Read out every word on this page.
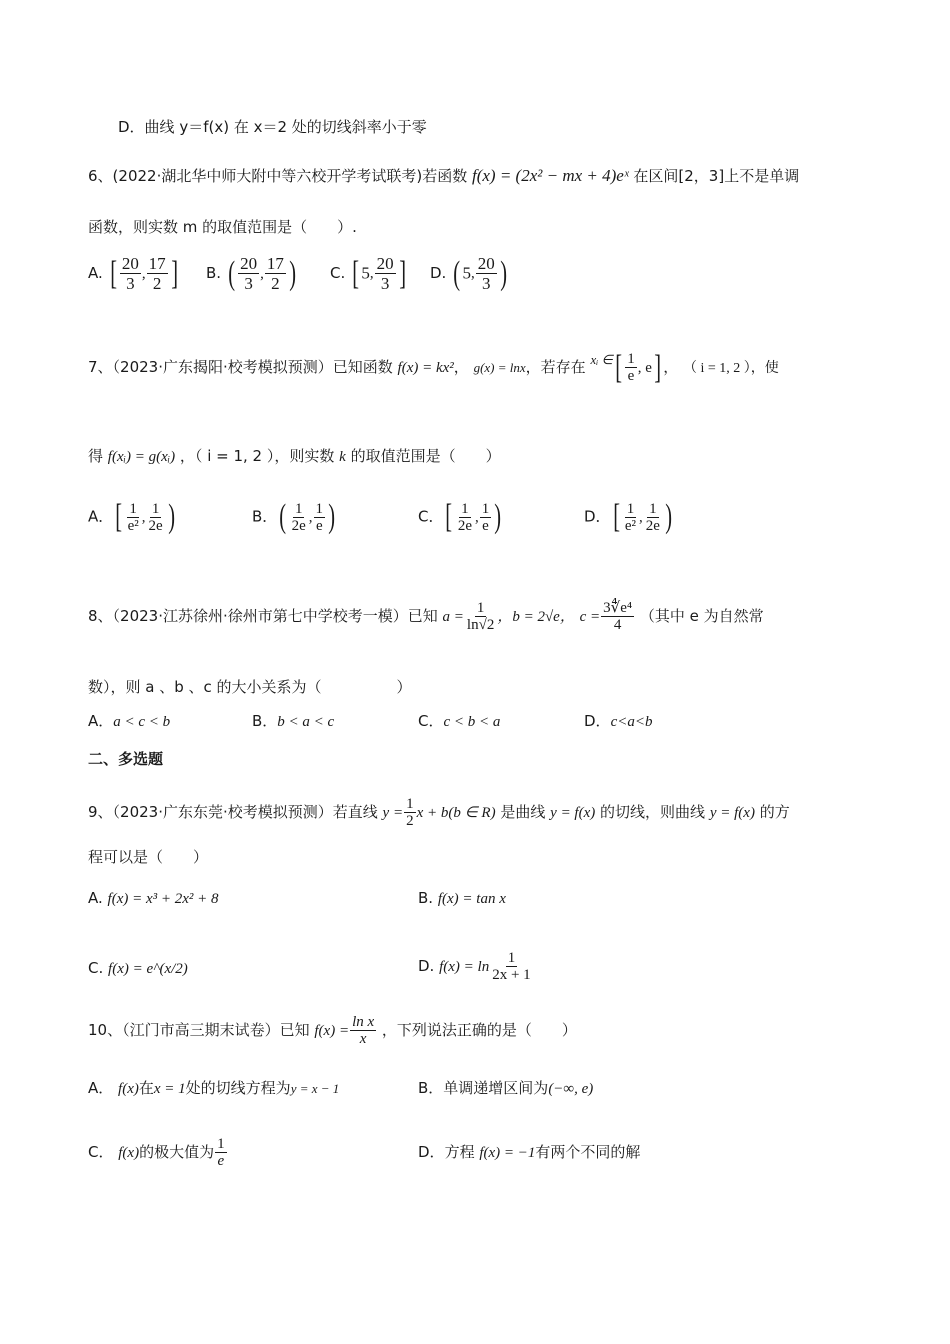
D．曲线 y＝f(x) 在 x＝2 处的切线斜率小于零
6、(2022·湖北华中师大附中等六校开学考试联考)若函数 f(x) = (2x² − mx + 4)eˣ 在区间[2，3]上不是单调
函数，则实数 m 的取值范围是（　　）.
A. [ $\frac{20}{3}$ , $\frac{17}{2}$ ] B. ( $\frac{20}{3}$ , $\frac{17}{2}$ ) C. [ 5, $\frac{20}{3}$ ] D. ( 5, $\frac{20}{3}$ )
7、（2023·广东揭阳·校考模拟预测）已知函数 f(x) = kx²， g(x) = lnx，若存在 xᵢ ∈[ $\frac{1}{e}$ , e] ， （ i = 1, 2 ），使
得 f(xᵢ) = g(xᵢ) ，（ i = 1, 2 ），则实数 k 的取值范围是（　　）
A．[ $\frac{1}{\text{e²}}$ , $\frac{1}{2e}$ )	B．( $\frac{1}{2e}$ , $\frac{1}{e}$ )	C．[ $\frac{1}{2e}$ , $\frac{1}{e}$ )	D．[ $\frac{1}{\text{e²}}$ , $\frac{1}{2e}$ )
8、（2023·江苏徐州·徐州市第七中学校考一模）已知 $a = \frac{1}{\ln√2}$ ，b = 2√e， $c = \frac{\text{3∜e⁴}}{4}$ （其中 e 为自然常
数），则 a 、b 、c 的大小关系为（　　　　　）
A．a < c < b	B．b < a < c	C．c < b < a	D．c<a<b
二、多选题
9、（2023·广东东莞·校考模拟预测）若直线 $y = \frac{1}{2}$ x + b(b ∈ R) 是曲线 y = f(x) 的切线，则曲线 y = f(x) 的方
程可以是（　　）
A. f(x) = x³ + 2x² + 8	B. f(x) = tan x
C. f(x) = e^(x/2)	D. $f(x) = \ln \frac{1}{2x + 1}$
10、（江门市高三期末试卷）已知 $f(x) = \frac{\text{ln x}}{x}$ ，下列说法正确的是（　　）
A． f(x)在x = 1处的切线方程为y = x − 1	B．单调递增区间为(−∞, e)
C． f(x)的极大值为 $\frac{1}{e}$	D．方程 f(x) = −1有两个不同的解
